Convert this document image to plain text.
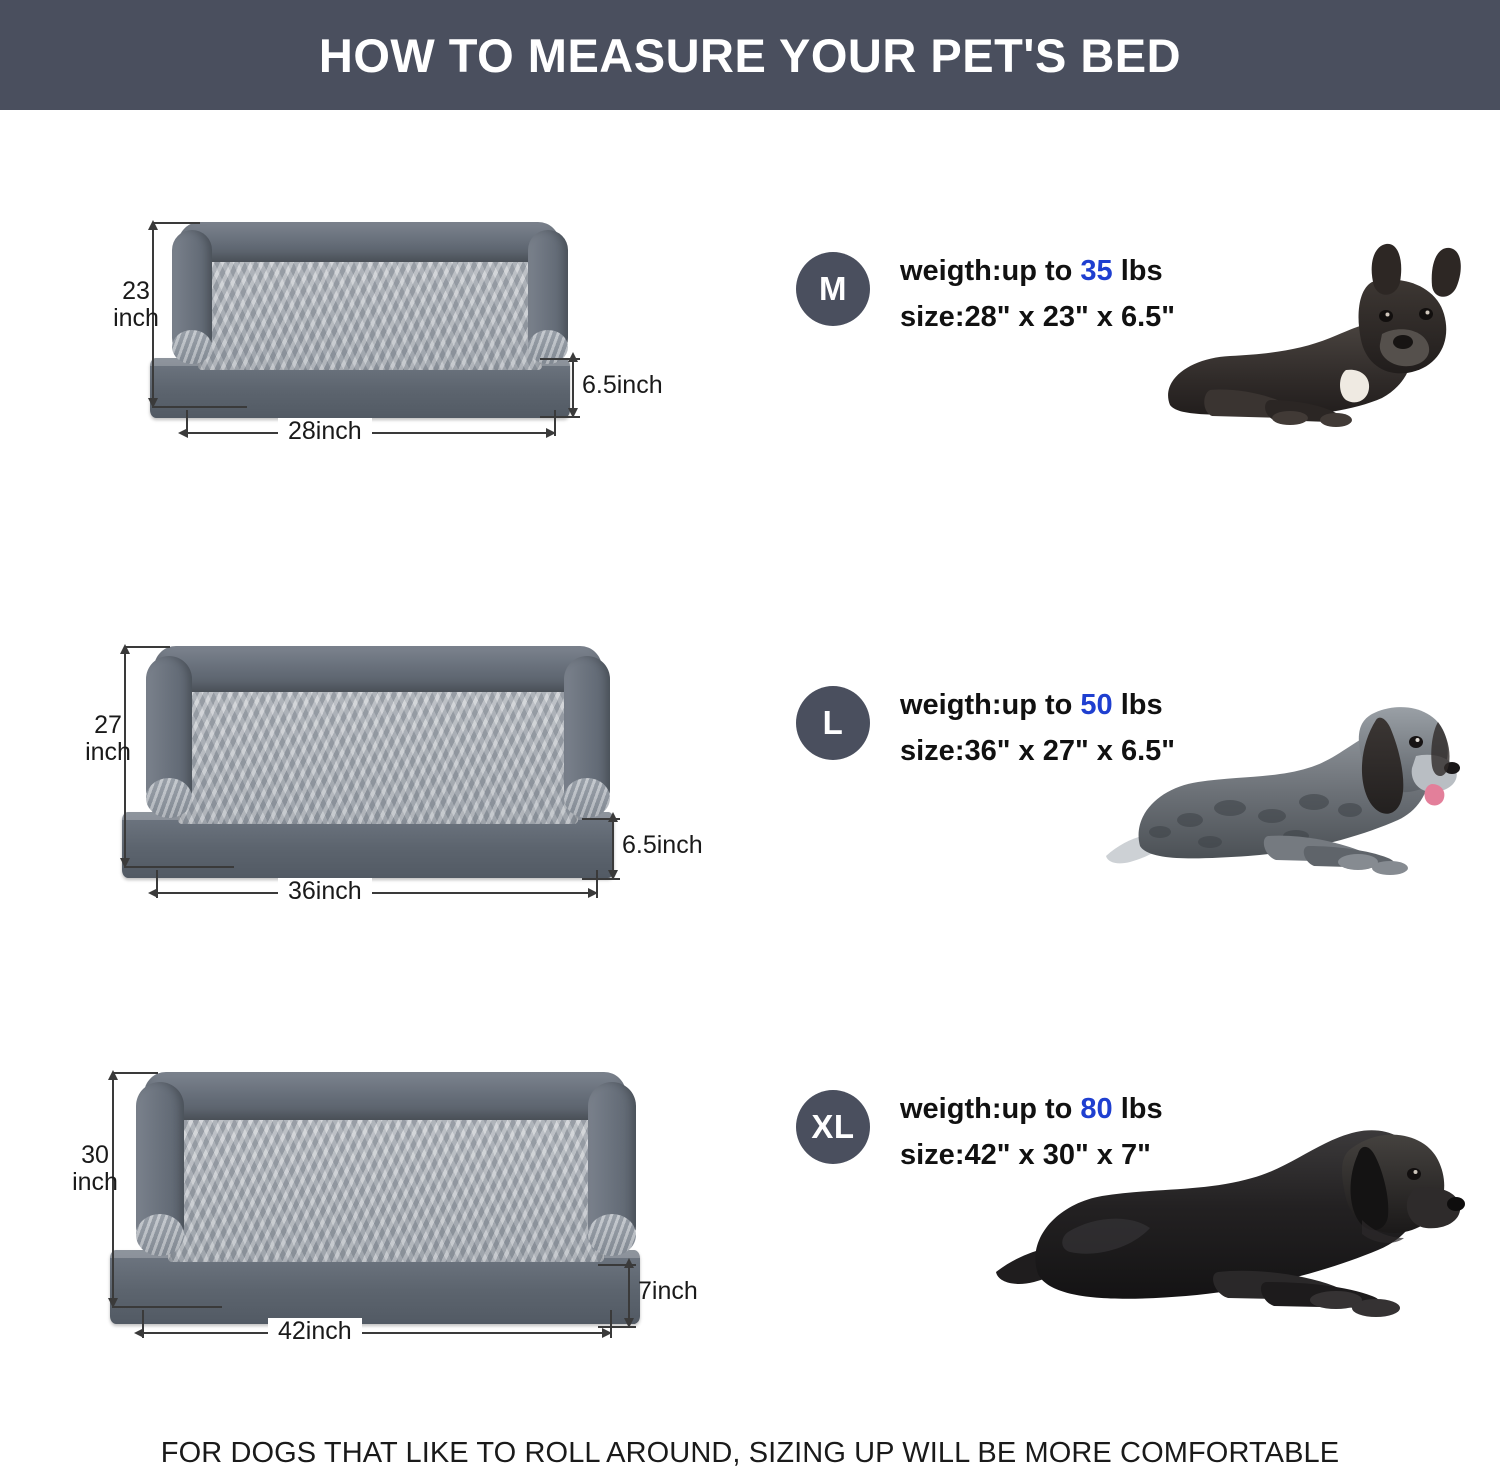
HOW TO MEASURE YOUR PET'S BED
23
inch
28inch
6.5inch
M	weigth:up to 35 lbs
size:28" x 23" x 6.5"
27
inch
36inch
6.5inch
L	weigth:up to 50 lbs
size:36" x 27" x 6.5"
30
inch
42inch
7inch
XL	weigth:up to 80 lbs
size:42" x 30" x 7"
FOR DOGS THAT LIKE TO ROLL AROUND, SIZING UP WILL BE MORE COMFORTABLE
